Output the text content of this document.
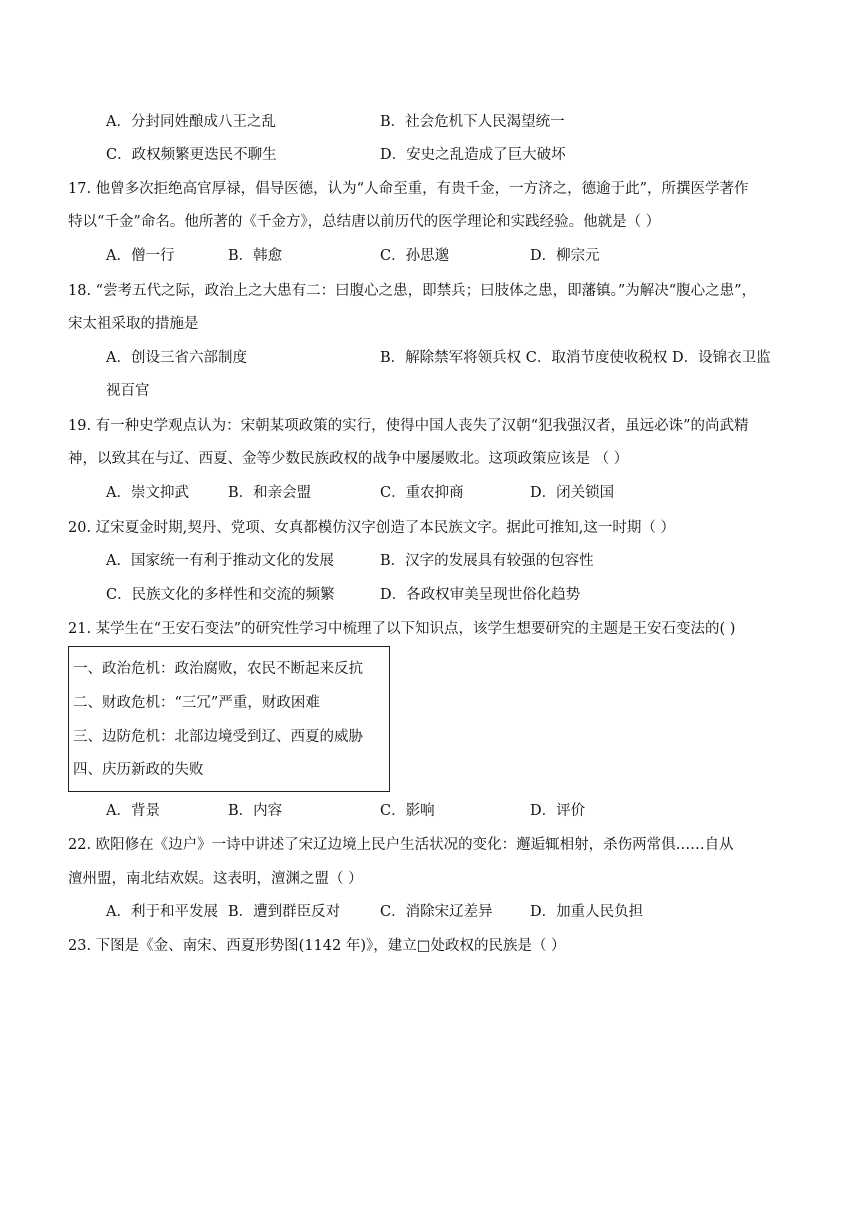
A．分封同姓酿成八王之乱	B．社会危机下人民渴望统一
C．政权频繁更迭民不聊生	D．安史之乱造成了巨大破坏
17. 他曾多次拒绝高官厚禄，倡导医德，认为“人命至重，有贵千金，一方济之，德逾于此”，所撰医学著作
特以“千金”命名。他所著的《千金方》，总结唐以前历代的医学理论和实践经验。他就是（ ）
A．僧一行	B．韩愈	C．孙思邈	D．柳宗元
18. “尝考五代之际，政治上之大患有二：曰腹心之患，即禁兵；曰肢体之患，即藩镇。”为解决“腹心之患”，
宋太祖采取的措施是
A．创设三省六部制度	B．解除禁军将领兵权 C．取消节度使收税权 D．设锦衣卫监
视百官
19. 有一种史学观点认为：宋朝某项政策的实行，使得中国人丧失了汉朝“犯我强汉者，虽远必诛”的尚武精
神，以致其在与辽、西夏、金等少数民族政权的战争中屡屡败北。这项政策应该是 （ ）
A．崇文抑武	B．和亲会盟	C．重农抑商	D．闭关锁国
20. 辽宋夏金时期,契丹、党项、女真都模仿汉字创造了本民族文字。据此可推知,这一时期（ ）
A．国家统一有利于推动文化的发展	B．汉字的发展具有较强的包容性
C．民族文化的多样性和交流的频繁	D．各政权审美呈现世俗化趋势
21. 某学生在“王安石变法”的研究性学习中梳理了以下知识点，该学生想要研究的主题是王安石变法的( )
一、政治危机：政治腐败，农民不断起来反抗
二、财政危机：“三冗”严重，财政困难
三、边防危机：北部边境受到辽、西夏的威胁
四、庆历新政的失败
A．背景	B．内容	C．影响	D．评价
22. 欧阳修在《边户》一诗中讲述了宋辽边境上民户生活状况的变化：邂逅辄相射，杀伤两常俱……自从
澶州盟，南北结欢娱。这表明，澶渊之盟（ ）
A．利于和平发展 B．遭到群臣反对	C．消除宋辽差异	D．加重人民负担
23. 下图是《金、南宋、西夏形势图(1142 年)》，建立□处政权的民族是（ ）
